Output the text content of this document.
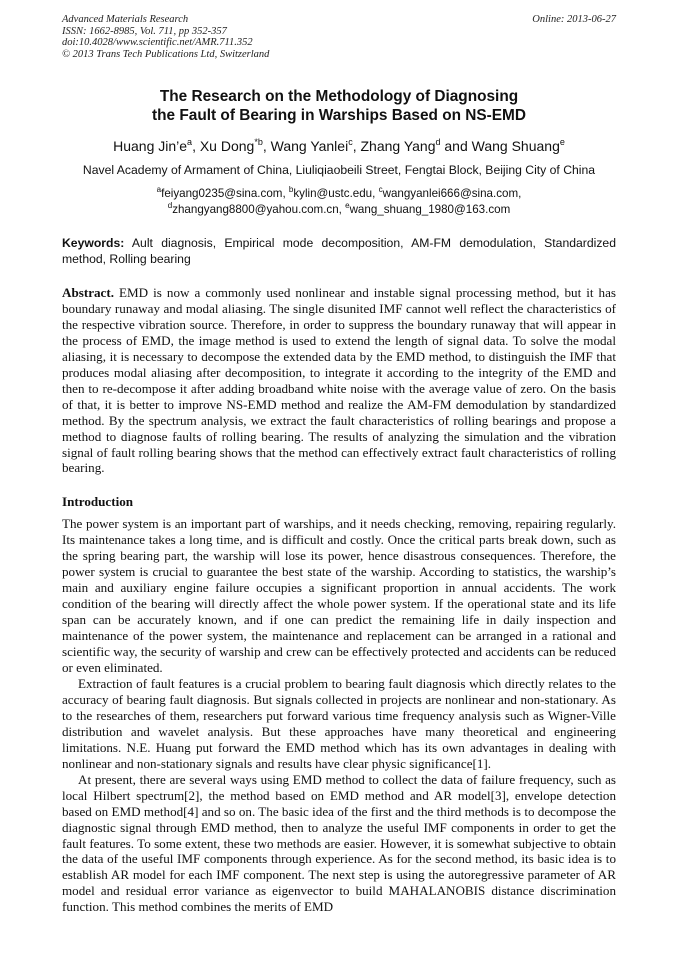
Advanced Materials Research
ISSN: 1662-8985, Vol. 711, pp 352-357
doi:10.4028/www.scientific.net/AMR.711.352
© 2013 Trans Tech Publications Ltd, Switzerland
Online: 2013-06-27
The Research on the Methodology of Diagnosing
the Fault of Bearing in Warships Based on NS-EMD
Huang $Jin’e^a$, Xu Dong$^{*b}$, Wang Yanlei$^c$, Zhang Yang$^d$ and Wang Shuang$^e$
Navel Academy of Armament of China, Liuliqiaobeili Street, Fengtai Block, Beijing City of China
$^a$feiyang0235@sina.com, $^b$kylin@ustc.edu, $^c$wangyanlei666@sina.com,
$^d$zhangyang8800@yahou.com.cn, $^e$wang_shuang_1980@163.com
Keywords: Ault diagnosis, Empirical mode decomposition, AM-FM demodulation, Standardized method, Rolling bearing

Abstract. EMD is now a commonly used nonlinear and instable signal processing method, but it has boundary runaway and modal aliasing. The single disunited IMF cannot well reflect the characteristics of the respective vibration source. Therefore, in order to suppress the boundary runaway that will appear in the process of EMD, the image method is used to extend the length of signal data. To solve the modal aliasing, it is necessary to decompose the extended data by the EMD method, to distinguish the IMF that produces modal aliasing after decomposition, to integrate it according to the integrity of the EMD and then to re-decompose it after adding broadband white noise with the average value of zero. On the basis of that, it is better to improve NS-EMD method and realize the AM-FM demodulation by standardized method. By the spectrum analysis, we extract the fault characteristics of rolling bearings and propose a method to diagnose faults of rolling bearing. The results of analyzing the simulation and the vibration signal of fault rolling bearing shows that the method can effectively extract fault characteristics of rolling bearing.

Introduction

The power system is an important part of warships, and it needs checking, removing, repairing regularly. Its maintenance takes a long time, and is difficult and costly. Once the critical parts break down, such as the spring bearing part, the warship will lose its power, hence disastrous consequences. Therefore, the power system is crucial to guarantee the best state of the warship. According to statistics, the warship’s main and auxiliary engine failure occupies a significant proportion in annual accidents. The work condition of the bearing will directly affect the whole power system. If the operational state and its life span can be accurately known, and if one can predict the remaining life in daily inspection and maintenance of the power system, the maintenance and replacement can be arranged in a rational and scientific way, the security of warship and crew can be effectively protected and accidents can be reduced or even eliminated.

Extraction of fault features is a crucial problem to bearing fault diagnosis which directly relates to the accuracy of bearing fault diagnosis. But signals collected in projects are nonlinear and non-stationary. As to the researches of them, researchers put forward various time frequency analysis such as Wigner-Ville distribution and wavelet analysis. But these approaches have many theoretical and engineering limitations. N.E. Huang put forward the EMD method which has its own advantages in dealing with nonlinear and non-stationary signals and results have clear physic significance[1].

At present, there are several ways using EMD method to collect the data of failure frequency, such as local Hilbert spectrum[2], the method based on EMD method and AR model[3], envelope detection based on EMD method[4] and so on. The basic idea of the first and the third methods is to decompose the diagnostic signal through EMD method, then to analyze the useful IMF components in order to get the fault features. To some extent, these two methods are easier. However, it is somewhat subjective to obtain the data of the useful IMF components through experience. As for the second method, its basic idea is to establish AR model for each IMF component. The next step is using the autoregressive parameter of AR model and residual error variance as eigenvector to build MAHALANOBIS distance discrimination function. This method combines the merits of EMD
